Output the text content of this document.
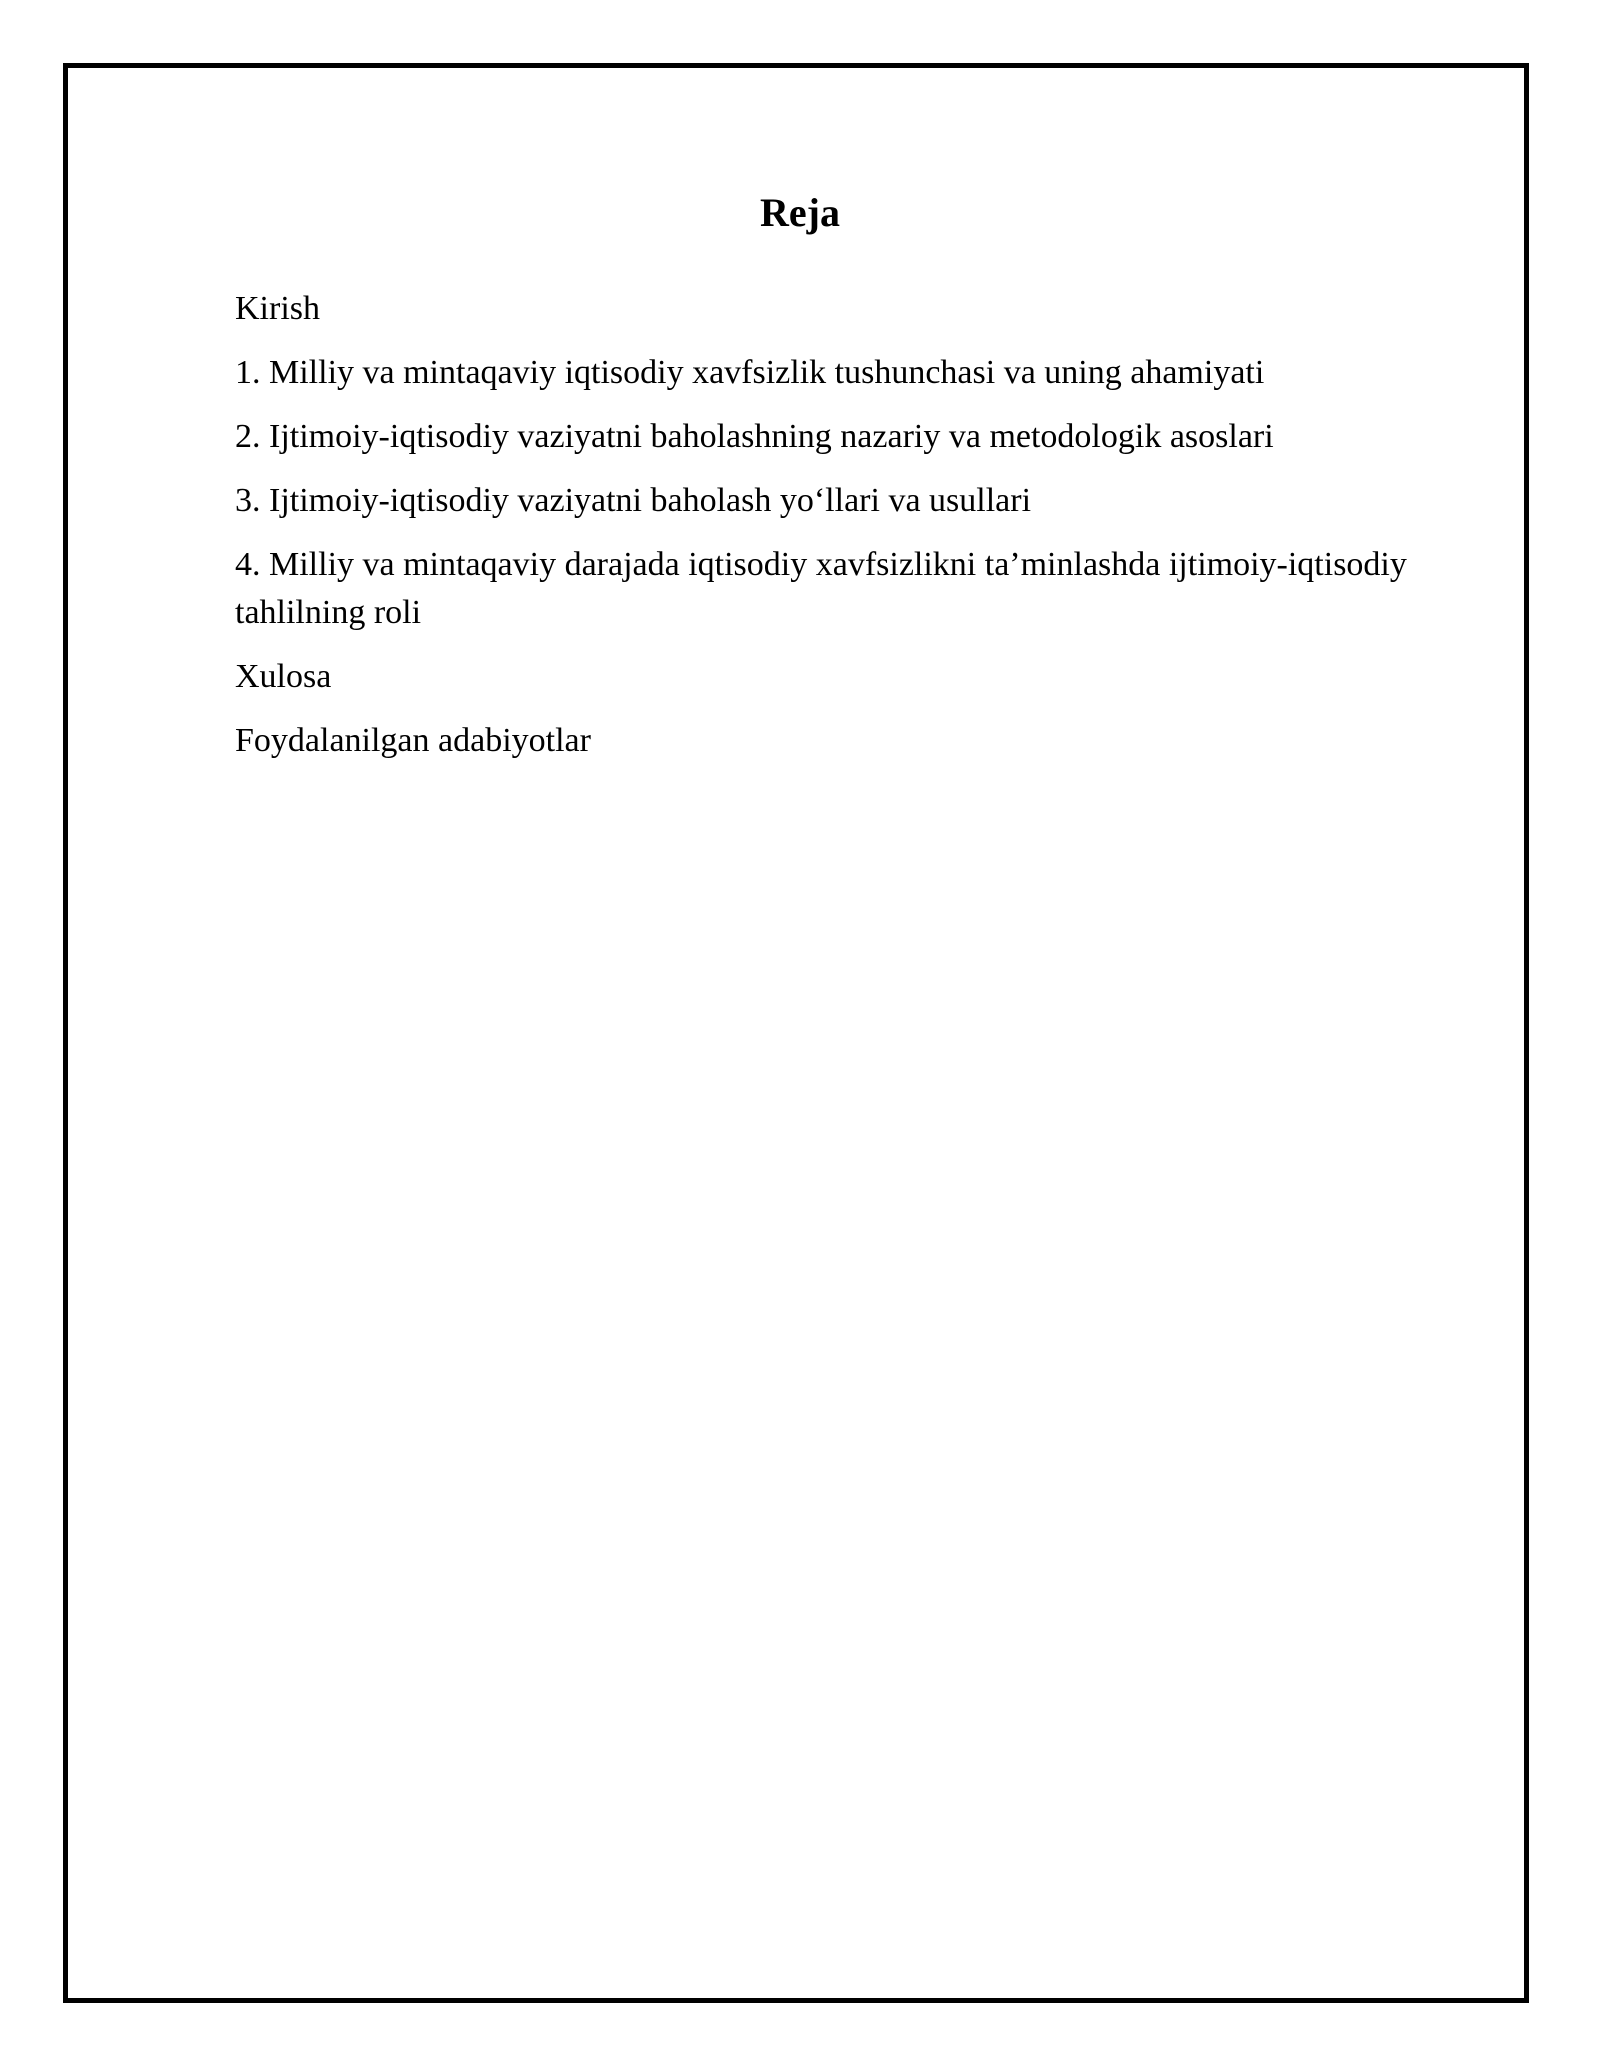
Reja
Kirish
1. Milliy va mintaqaviy iqtisodiy xavfsizlik tushunchasi va uning ahamiyati
2. Ijtimoiy-iqtisodiy vaziyatni baholashning nazariy va metodologik asoslari
3. Ijtimoiy-iqtisodiy vaziyatni baholash yo‘llari va usullari
4. Milliy va mintaqaviy darajada iqtisodiy xavfsizlikni ta’minlashda ijtimoiy-iqtisodiy tahlilning roli
Xulosa
Foydalanilgan adabiyotlar
